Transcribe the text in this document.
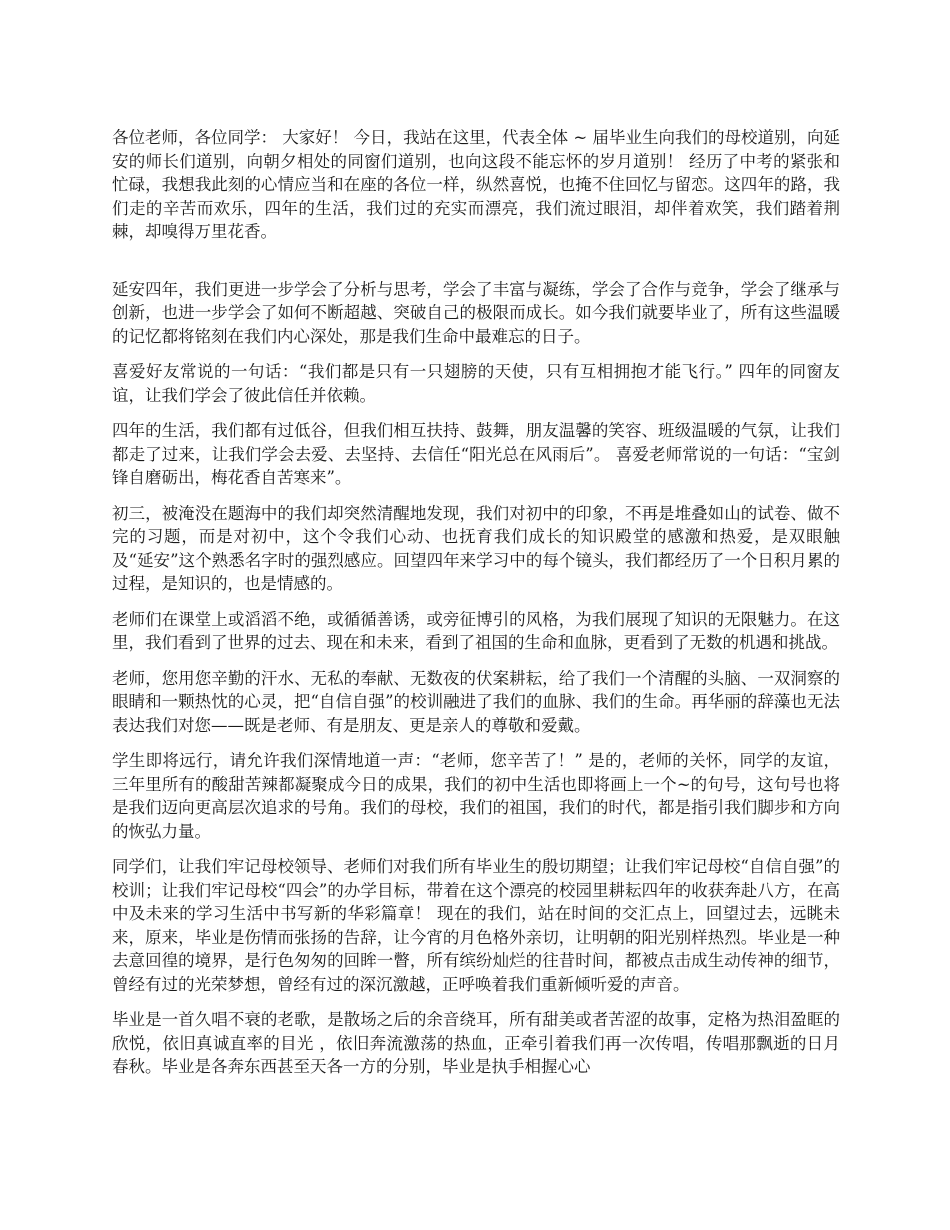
各位老师，各位同学： 大家好！ 今日，我站在这里，代表全体 ~ 届毕业生向我们的母校道别，向延安的师长们道别，向朝夕相处的同窗们道别，也向这段不能忘怀的岁月道别！ 经历了中考的紧张和忙碌，我想我此刻的心情应当和在座的各位一样，纵然喜悦，也掩不住回忆与留恋。这四年的路，我们走的辛苦而欢乐，四年的生活，我们过的充实而漂亮，我们流过眼泪，却伴着欢笑，我们踏着荆棘，却嗅得万里花香。

延安四年，我们更进一步学会了分析与思考，学会了丰富与凝练，学会了合作与竞争，学会了继承与创新，也进一步学会了如何不断超越、突破自己的极限而成长。如今我们就要毕业了，所有这些温暖的记忆都将铭刻在我们内心深处，那是我们生命中最难忘的日子。

喜爱好友常说的一句话：“我们都是只有一只翅膀的天使，只有互相拥抱才能飞行。” 四年的同窗友谊，让我们学会了彼此信任并依赖。

四年的生活，我们都有过低谷，但我们相互扶持、鼓舞，朋友温馨的笑容、班级温暖的气氛，让我们都走了过来，让我们学会去爱、去坚持、去信任“阳光总在风雨后”。 喜爱老师常说的一句话：“宝剑锋自磨砺出，梅花香自苦寒来”。

初三，被淹没在题海中的我们却突然清醒地发现，我们对初中的印象，不再是堆叠如山的试卷、做不完的习题，而是对初中，这个令我们心动、也抚育我们成长的知识殿堂的感激和热爱，是双眼触及“延安”这个熟悉名字时的强烈感应。回望四年来学习中的每个镜头，我们都经历了一个日积月累的过程，是知识的，也是情感的。

老师们在课堂上或滔滔不绝，或循循善诱，或旁征博引的风格，为我们展现了知识的无限魅力。在这里，我们看到了世界的过去、现在和未来，看到了祖国的生命和血脉，更看到了无数的机遇和挑战。

老师，您用您辛勤的汗水、无私的奉献、无数夜的伏案耕耘，给了我们一个清醒的头脑、一双洞察的眼睛和一颗热忱的心灵，把“自信自强”的校训融进了我们的血脉、我们的生命。再华丽的辞藻也无法表达我们对您——既是老师、有是朋友、更是亲人的尊敬和爱戴。

学生即将远行，请允许我们深情地道一声：“老师，您辛苦了！” 是的，老师的关怀，同学的友谊，三年里所有的酸甜苦辣都凝聚成今日的成果，我们的初中生活也即将画上一个~的句号，这句号也将是我们迈向更高层次追求的号角。我们的母校，我们的祖国，我们的时代，都是指引我们脚步和方向的恢弘力量。

同学们，让我们牢记母校领导、老师们对我们所有毕业生的殷切期望；让我们牢记母校“自信自强”的校训；让我们牢记母校“四会”的办学目标，带着在这个漂亮的校园里耕耘四年的收获奔赴八方，在高中及未来的学习生活中书写新的华彩篇章！ 现在的我们，站在时间的交汇点上，回望过去，远眺未来，原来，毕业是伤情而张扬的告辞，让今宵的月色格外亲切，让明朝的阳光别样热烈。毕业是一种去意回徨的境界，是行色匆匆的回眸一瞥，所有缤纷灿烂的往昔时间，都被点击成生动传神的细节，曾经有过的光荣梦想，曾经有过的深沉激越，正呼唤着我们重新倾听爱的声音。

毕业是一首久唱不衰的老歌，是散场之后的余音绕耳，所有甜美或者苦涩的故事，定格为热泪盈眶的欣悦，依旧真诚直率的目光 ，依旧奔流激荡的热血，正牵引着我们再一次传唱，传唱那飘逝的日月春秋。毕业是各奔东西甚至天各一方的分别，毕业是执手相握心心
